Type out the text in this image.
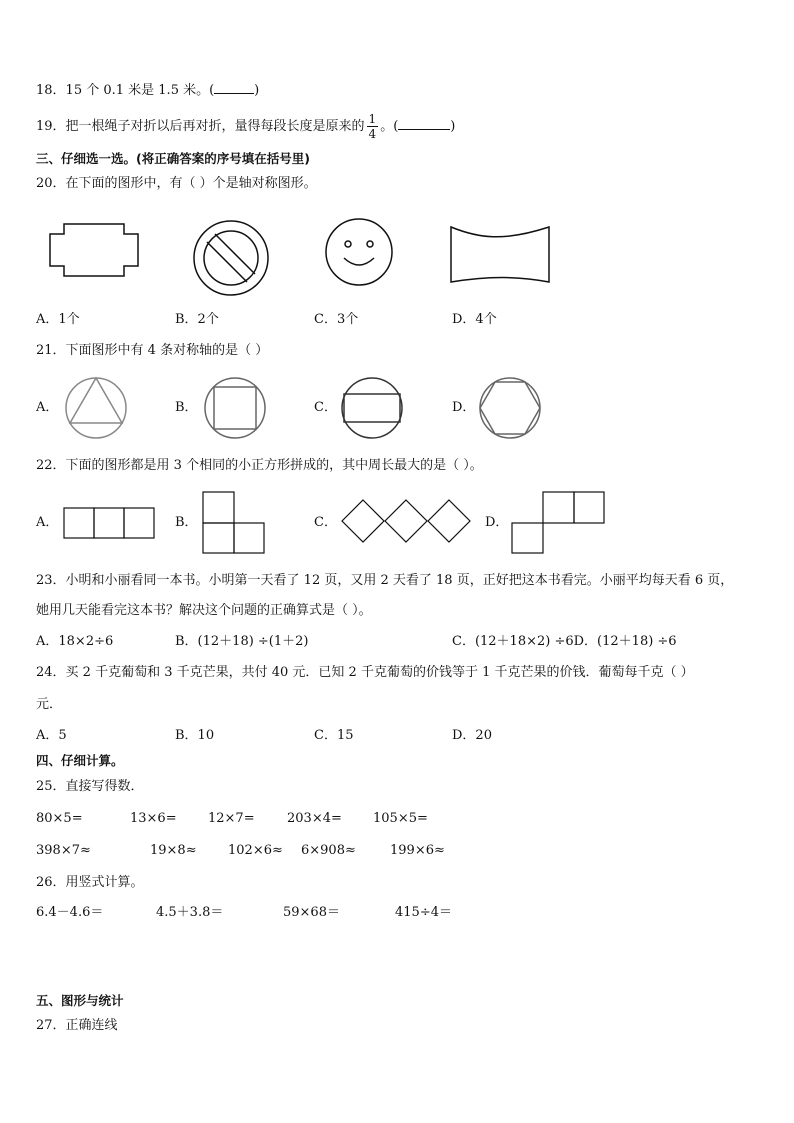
18．15 个 0.1 米是 1.5 米。(	)
19．把一根绳子对折以后再对折，量得每段长度是原来的 $\frac{1}{4}$ 。(	)
三、仔细选一选。(将正确答案的序号填在括号里)
20．在下面的图形中，有（ ）个是轴对称图形。
A．1个	B．2个	C．3个	D．4个
21．下面图形中有 4 条对称轴的是（ ）
A．	B．	C．	D．
22．下面的图形都是用 3 个相同的小正方形拼成的，其中周长最大的是（ ）。
A．	B．	C．	D．
23．小明和小丽看同一本书。小明第一天看了 12 页，又用 2 天看了 18 页，正好把这本书看完。小丽平均每天看 6 页，
她用几天能看完这本书？解决这个问题的正确算式是（ ）。
A．18×2÷6	B．(12＋18) ÷(1＋2)	C．(12＋18×2) ÷6D．(12＋18) ÷6
24．买 2 千克葡萄和 3 千克芒果，共付 40 元．已知 2 千克葡萄的价钱等于 1 千克芒果的价钱．葡萄每千克（ ）
元．
A．5	B．10	C．15	D．20
四、仔细计算。
25．直接写得数．
80×5=	13×6= 12×7= 203×4= 105×5=
398×7≈	19×8≈ 102×6≈ 6×908≈	199×6≈
26．用竖式计算。
6.4－4.6＝	4.5＋3.8＝	59×68＝	415÷4＝
五、图形与统计
27．正确连线
